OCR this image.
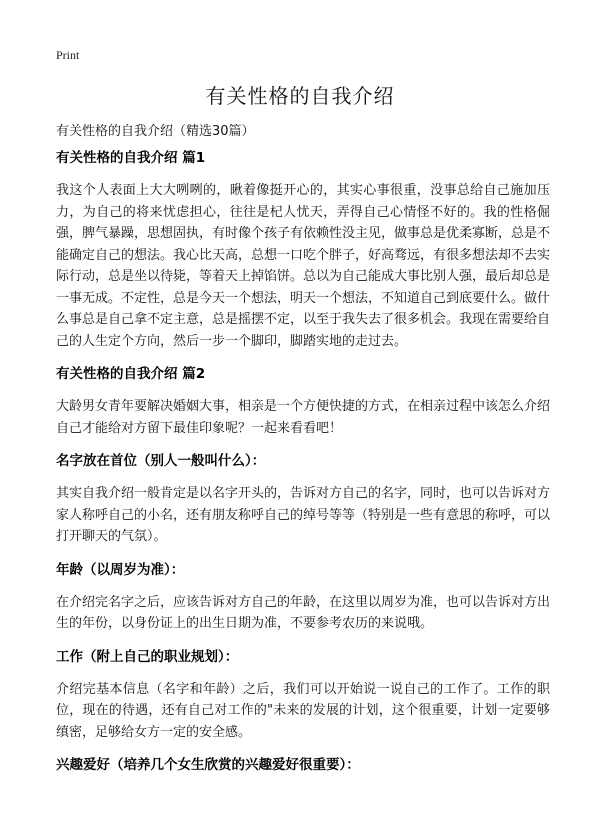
Print
有关性格的自我介绍
有关性格的自我介绍（精选30篇）
有关性格的自我介绍 篇1
我这个人表面上大大咧咧的，瞅着像挺开心的，其实心事很重，没事总给自己施加压力，为自己的将来忧虑担心，往往是杞人忧天，弄得自己心情怪不好的。我的性格倔强，脾气暴躁，思想固执，有时像个孩子有依赖性没主见，做事总是优柔寡断，总是不能确定自己的想法。我心比天高，总想一口吃个胖子，好高骛远，有很多想法却不去实际行动，总是坐以待毙，等着天上掉馅饼。总以为自己能成大事比别人强，最后却总是一事无成。不定性，总是今天一个想法，明天一个想法，不知道自己到底要什么。做什么事总是自己拿不定主意，总是摇摆不定，以至于我失去了很多机会。我现在需要给自己的人生定个方向，然后一步一个脚印，脚踏实地的走过去。
有关性格的自我介绍 篇2
大龄男女青年要解决婚姻大事，相亲是一个方便快捷的方式，在相亲过程中该怎么介绍自己才能给对方留下最佳印象呢？一起来看看吧！
名字放在首位（别人一般叫什么）：
其实自我介绍一般肯定是以名字开头的，告诉对方自己的名字，同时，也可以告诉对方家人称呼自己的小名，还有朋友称呼自己的绰号等等（特别是一些有意思的称呼，可以打开聊天的气氛）。
年龄（以周岁为准）：
在介绍完名字之后，应该告诉对方自己的年龄，在这里以周岁为准，也可以告诉对方出生的年份，以身份证上的出生日期为准，不要参考农历的来说哦。
工作（附上自己的职业规划）：
介绍完基本信息（名字和年龄）之后，我们可以开始说一说自己的工作了。工作的职位，现在的待遇，还有自己对工作的"未来的发展的计划，这个很重要，计划一定要够缜密，足够给女方一定的安全感。
兴趣爱好（培养几个女生欣赏的兴趣爱好很重要）：
